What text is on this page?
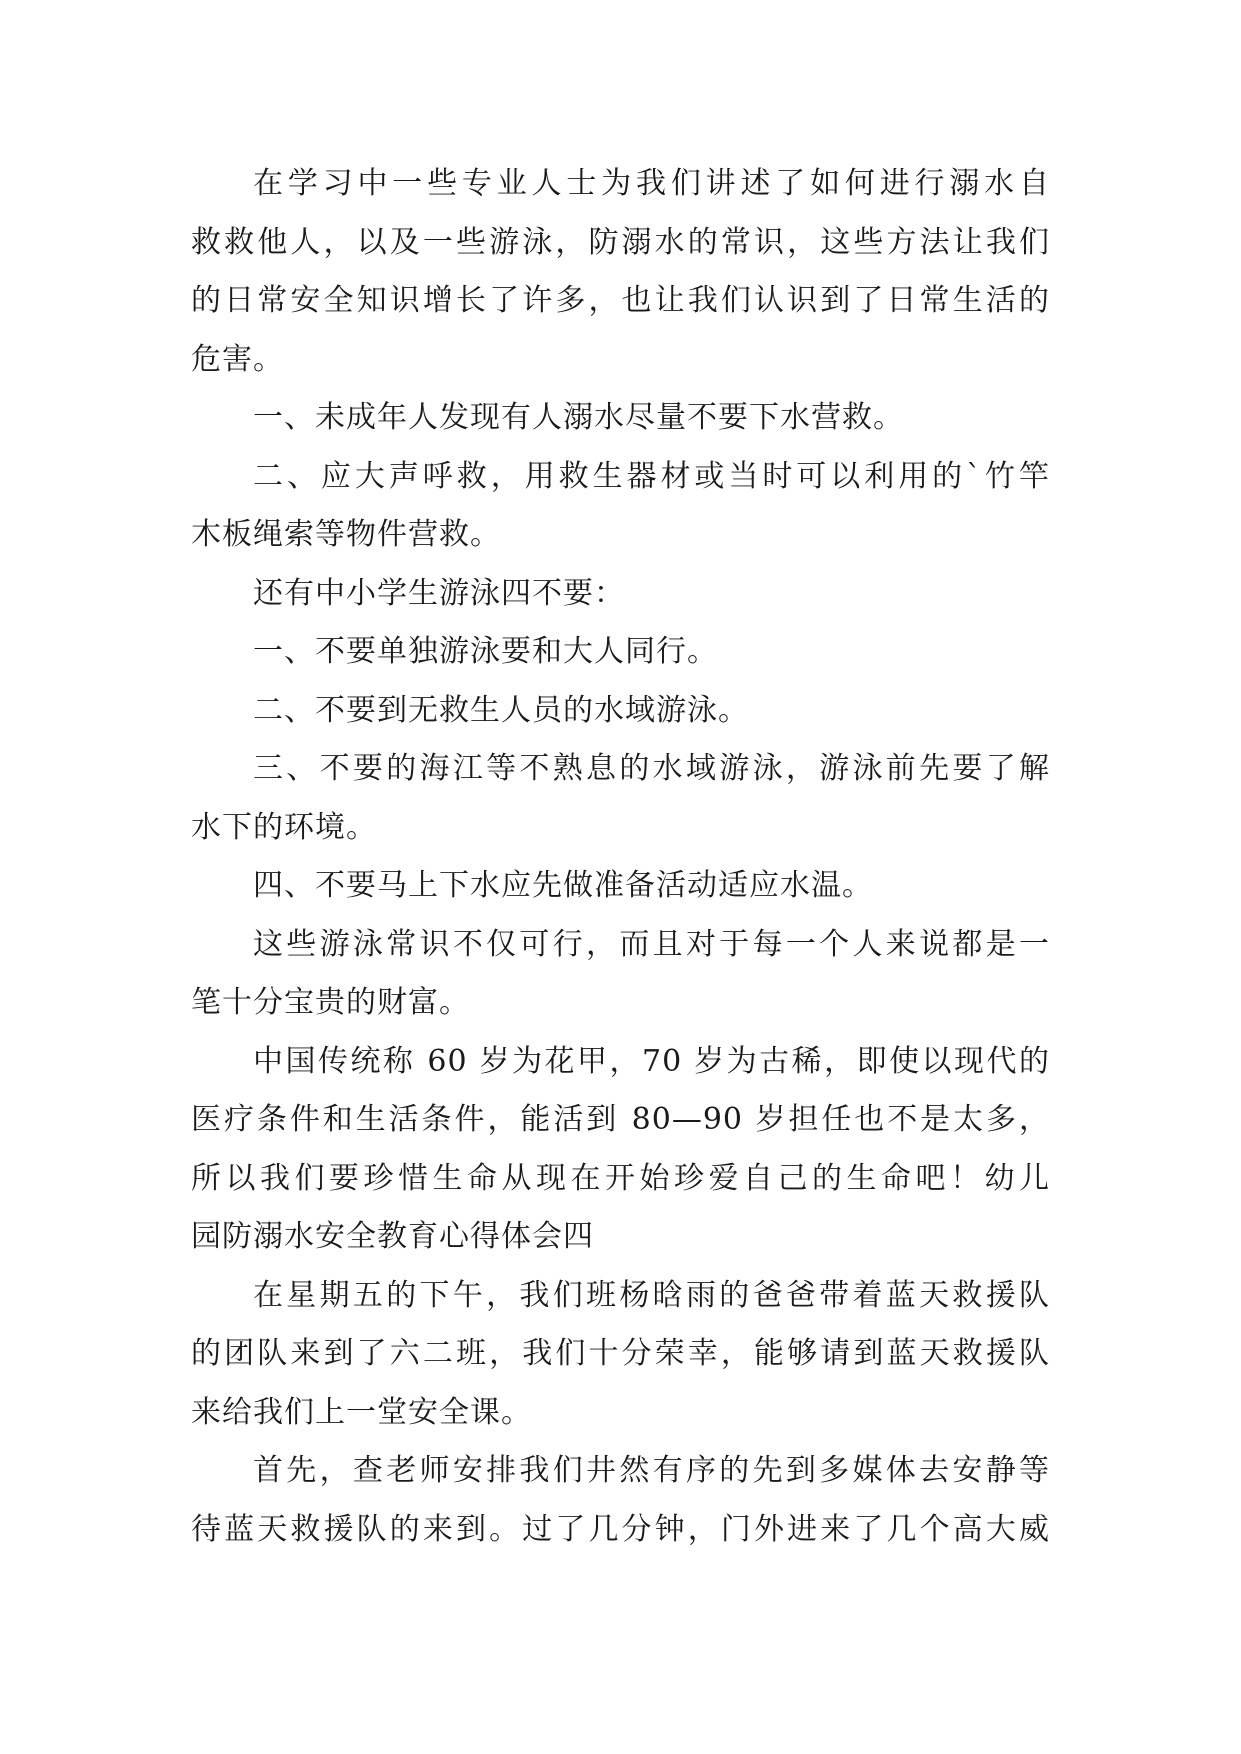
在学习中一些专业人士为我们讲述了如何进行溺水自
救救他人，以及一些游泳，防溺水的常识，这些方法让我们
的日常安全知识增长了许多，也让我们认识到了日常生活的
危害。
一、未成年人发现有人溺水尽量不要下水营救。
二、应大声呼救，用救生器材或当时可以利用的`竹竿
木板绳索等物件营救。
还有中小学生游泳四不要：
一、不要单独游泳要和大人同行。
二、不要到无救生人员的水域游泳。
三、不要的海江等不熟息的水域游泳，游泳前先要了解
水下的环境。
四、不要马上下水应先做准备活动适应水温。
这些游泳常识不仅可行，而且对于每一个人来说都是一
笔十分宝贵的财富。
中国传统称 60 岁为花甲，70 岁为古稀，即使以现代的
医疗条件和生活条件，能活到 80—90 岁担任也不是太多，
所以我们要珍惜生命从现在开始珍爱自己的生命吧！幼儿
园防溺水安全教育心得体会四
在星期五的下午，我们班杨晗雨的爸爸带着蓝天救援队
的团队来到了六二班，我们十分荣幸，能够请到蓝天救援队
来给我们上一堂安全课。
首先，查老师安排我们井然有序的先到多媒体去安静等
待蓝天救援队的来到。过了几分钟，门外进来了几个高大威
